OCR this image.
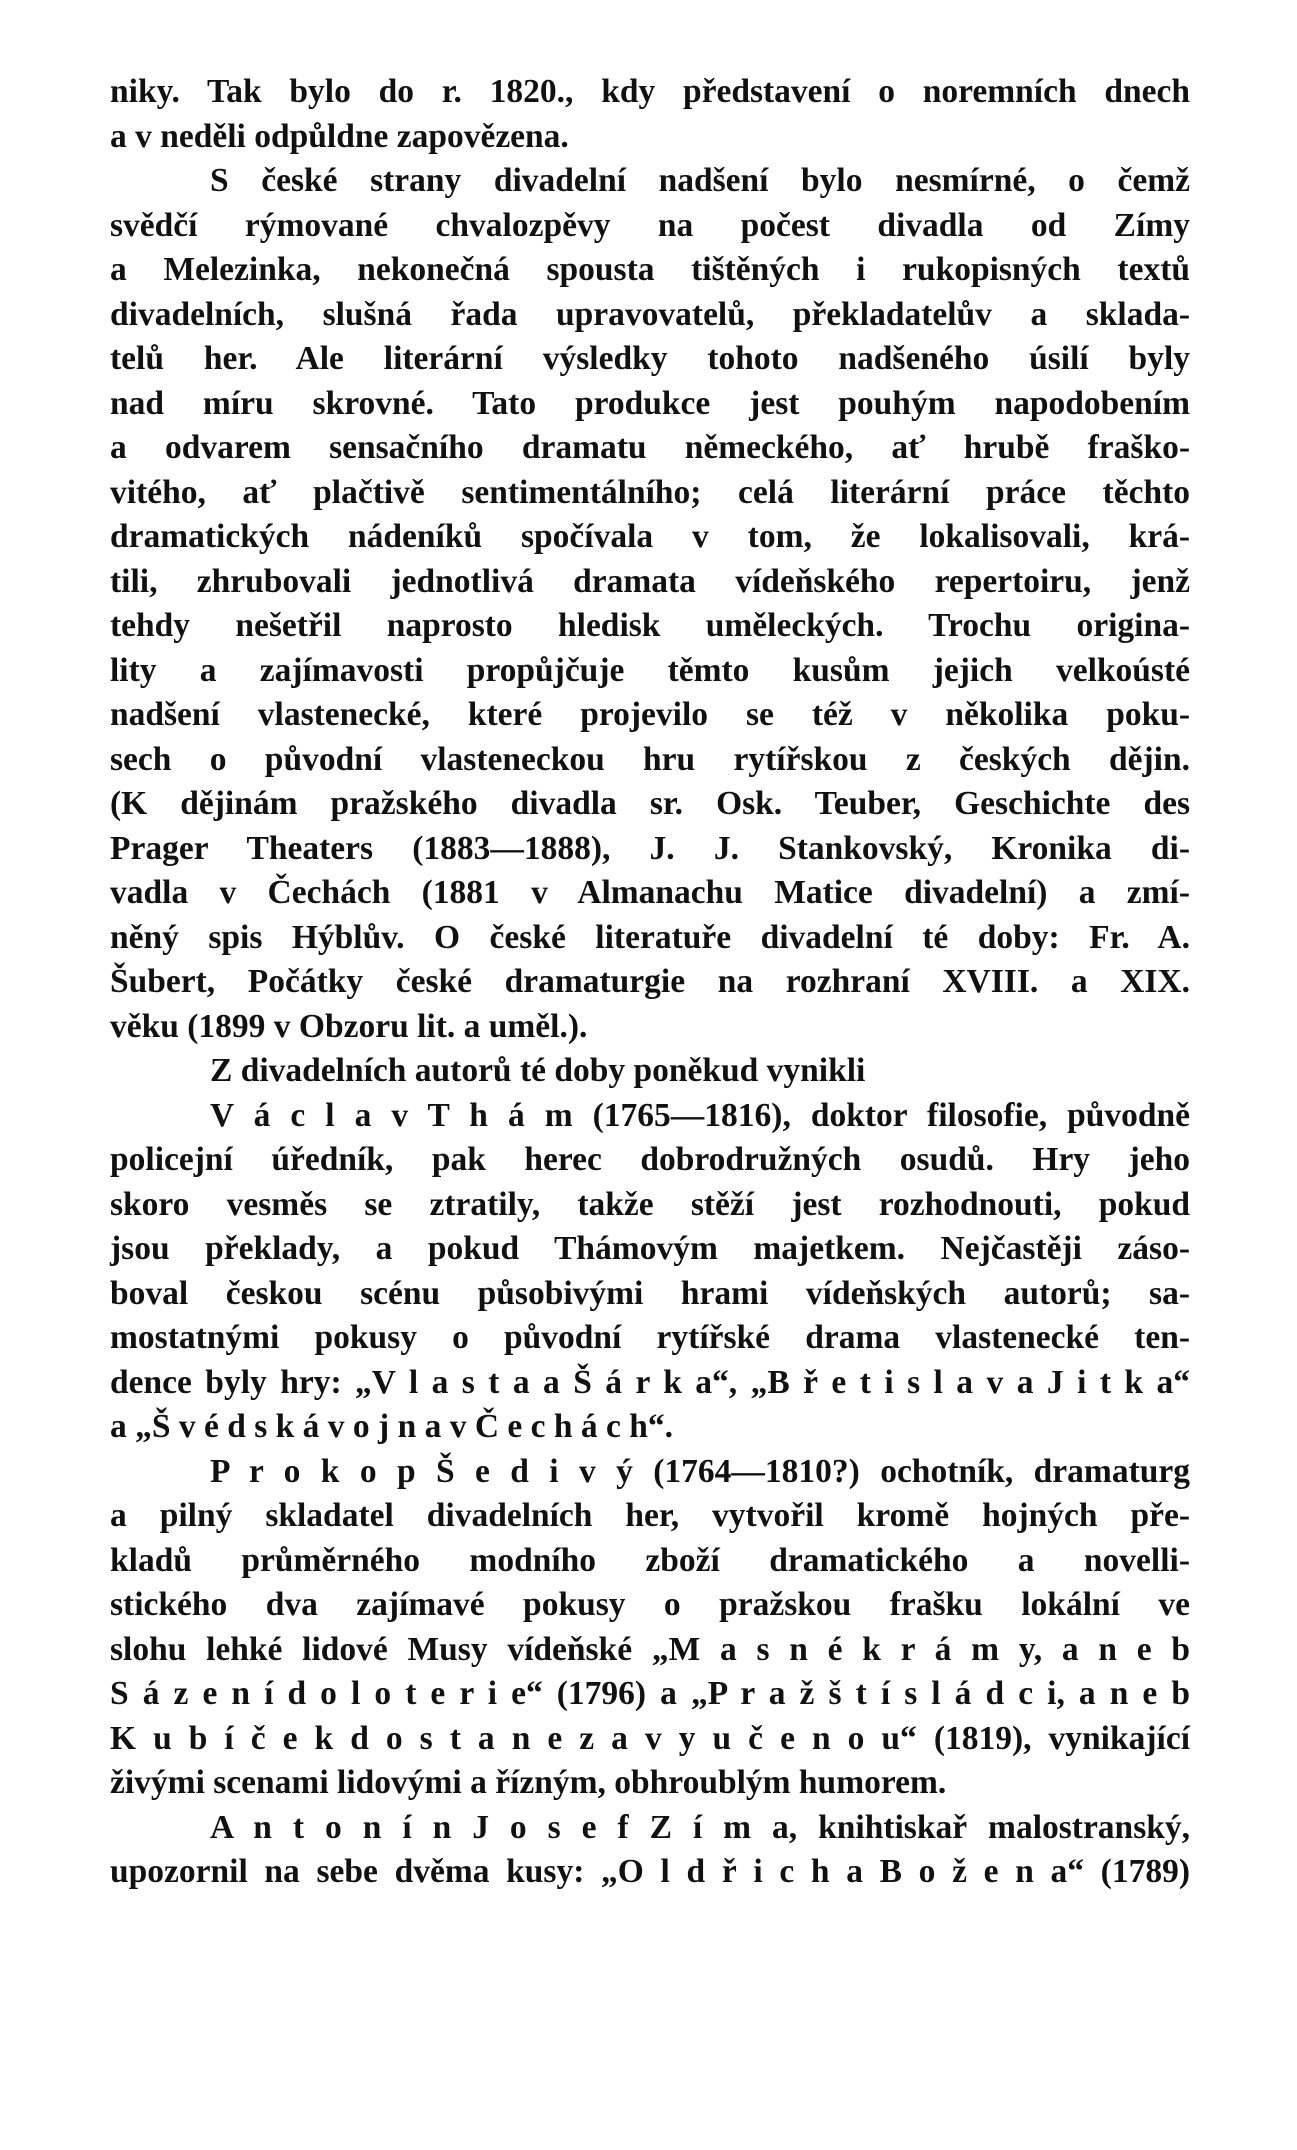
niky. Tak bylo do r. 1820., kdy představení o noremních dnech
a v neděli odpůldne zapovězena.
S české strany divadelní nadšení bylo nesmírné, o čemž
svědčí rýmované chvalozpěvy na počest divadla od Zímy
a Melezinka, nekonečná spousta tištěných i rukopisných textů
divadelních, slušná řada upravovatelů, překladatelův a sklada-
telů her. Ale literární výsledky tohoto nadšeného úsilí byly
nad míru skrovné. Tato produkce jest pouhým napodobením
a odvarem sensačního dramatu německého, ať hrubě fraško-
vitého, ať plačtivě sentimentálního; celá literární práce těchto
dramatických nádeníků spočívala v tom, že lokalisovali, krá-
tili, zhrubovali jednotlivá dramata vídeňského repertoiru, jenž
tehdy nešetřil naprosto hledisk uměleckých. Trochu origina-
lity a zajímavosti propůjčuje těmto kusům jejich velkoústé
nadšení vlastenecké, které projevilo se též v několika poku-
sech o původní vlasteneckou hru rytířskou z českých dějin.
(K dějinám pražského divadla sr. Osk. Teuber, Geschichte des
Prager Theaters (1883—1888), J. J. Stankovský, Kronika di-
vadla v Čechách (1881 v Almanachu Matice divadelní) a zmí-
něný spis Hýblův. O české literatuře divadelní té doby: Fr. A.
Šubert, Počátky české dramaturgie na rozhraní XVIII. a XIX.
věku (1899 v Obzoru lit. a uměl.).
Z divadelních autorů té doby poněkud vynikli
V á c l a v T h á m (1765—1816), doktor filosofie, původně
policejní úředník, pak herec dobrodružných osudů. Hry jeho
skoro vesměs se ztratily, takže stěží jest rozhodnouti, pokud
jsou překlady, a pokud Thámovým majetkem. Nejčastěji záso-
boval českou scénu působivými hrami vídeňských autorů; sa-
mostatnými pokusy o původní rytířské drama vlastenecké ten-
dence byly hry: „V l a s t a a Š á r k a“, „B ř e t i s l a v a J i t k a“
a „Š v é d s k á v o j n a v Č e c h á c h“.
P r o k o p Š e d i v ý (1764—1810?) ochotník, dramaturg
a pilný skladatel divadelních her, vytvořil kromě hojných pře-
kladů průměrného modního zboží dramatického a novelli-
stického dva zajímavé pokusy o pražskou frašku lokální ve
slohu lehké lidové Musy vídeňské „M a s n é k r á m y, a n e b
S á z e n í d o l o t e r i e“ (1796) a „P r a ž š t í s l á d c i, a n e b
K u b í č e k d o s t a n e z a v y u č e n o u“ (1819), vynikající
živými scenami lidovými a řízným, obhroublým humorem.
A n t o n í n J o s e f Z í m a, knihtiskař malostranský,
upozornil na sebe dvěma kusy: „O l d ř i c h a B o ž e n a“ (1789)
